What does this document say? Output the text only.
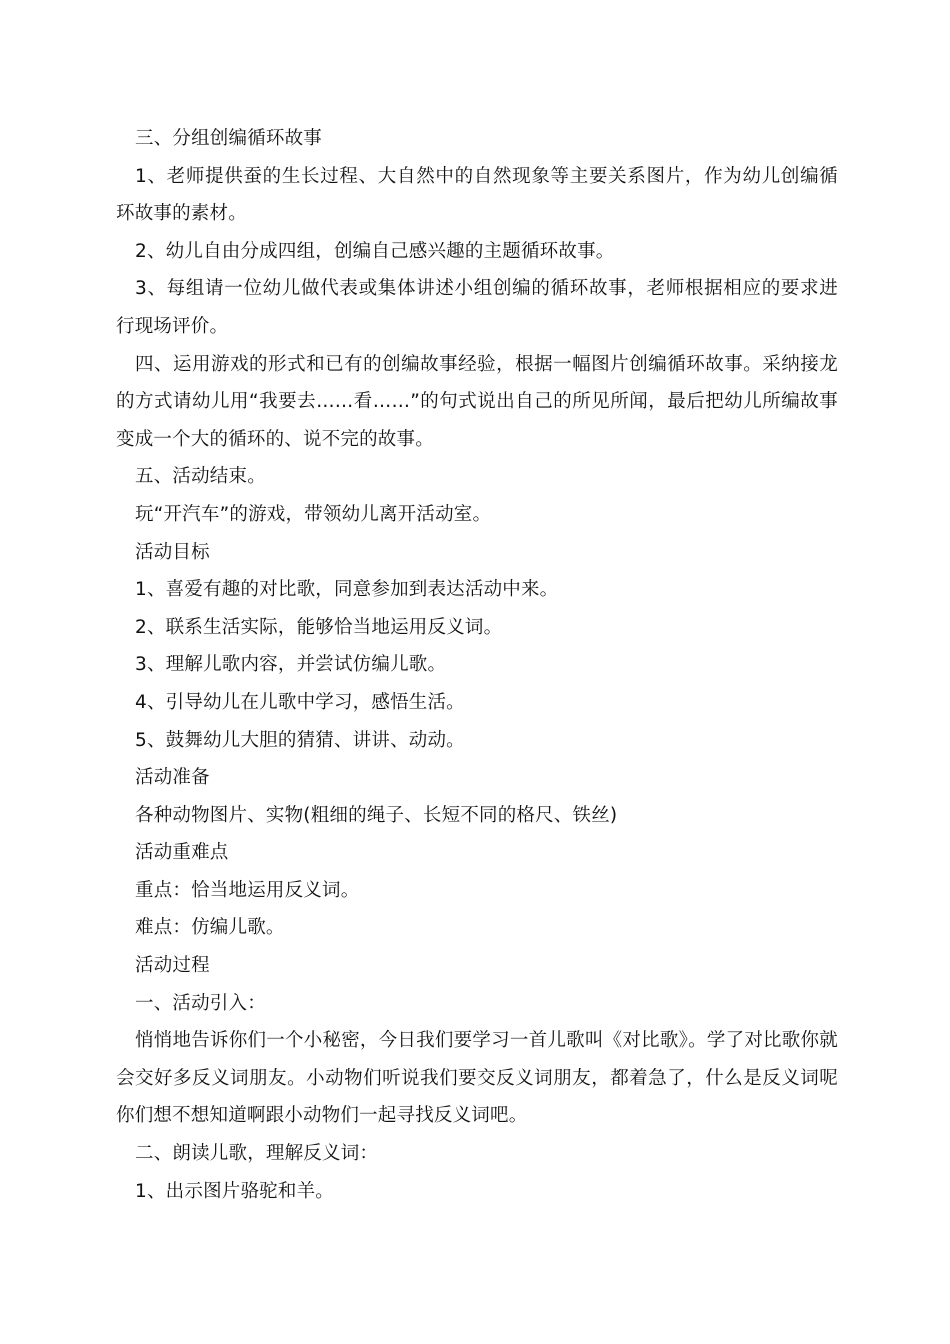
三、分组创编循环故事

1、老师提供蚕的生长过程、大自然中的自然现象等主要关系图片，作为幼儿创编循环故事的素材。

2、幼儿自由分成四组，创编自己感兴趣的主题循环故事。

3、每组请一位幼儿做代表或集体讲述小组创编的循环故事，老师根据相应的要求进行现场评价。

四、运用游戏的形式和已有的创编故事经验，根据一幅图片创编循环故事。采纳接龙的方式请幼儿用“我要去……看……”的句式说出自己的所见所闻，最后把幼儿所编故事变成一个大的循环的、说不完的故事。

五、活动结束。

玩“开汽车”的游戏，带领幼儿离开活动室。

活动目标

1、喜爱有趣的对比歌，同意参加到表达活动中来。

2、联系生活实际，能够恰当地运用反义词。

3、理解儿歌内容，并尝试仿编儿歌。

4、引导幼儿在儿歌中学习，感悟生活。

5、鼓舞幼儿大胆的猜猜、讲讲、动动。

活动准备

各种动物图片、实物(粗细的绳子、长短不同的格尺、铁丝)

活动重难点

重点：恰当地运用反义词。

难点：仿编儿歌。

活动过程

一、活动引入：

悄悄地告诉你们一个小秘密，今日我们要学习一首儿歌叫《对比歌》。学了对比歌你就会交好多反义词朋友。小动物们听说我们要交反义词朋友，都着急了，什么是反义词呢你们想不想知道啊跟小动物们一起寻找反义词吧。

二、朗读儿歌，理解反义词：

1、出示图片骆驼和羊。
